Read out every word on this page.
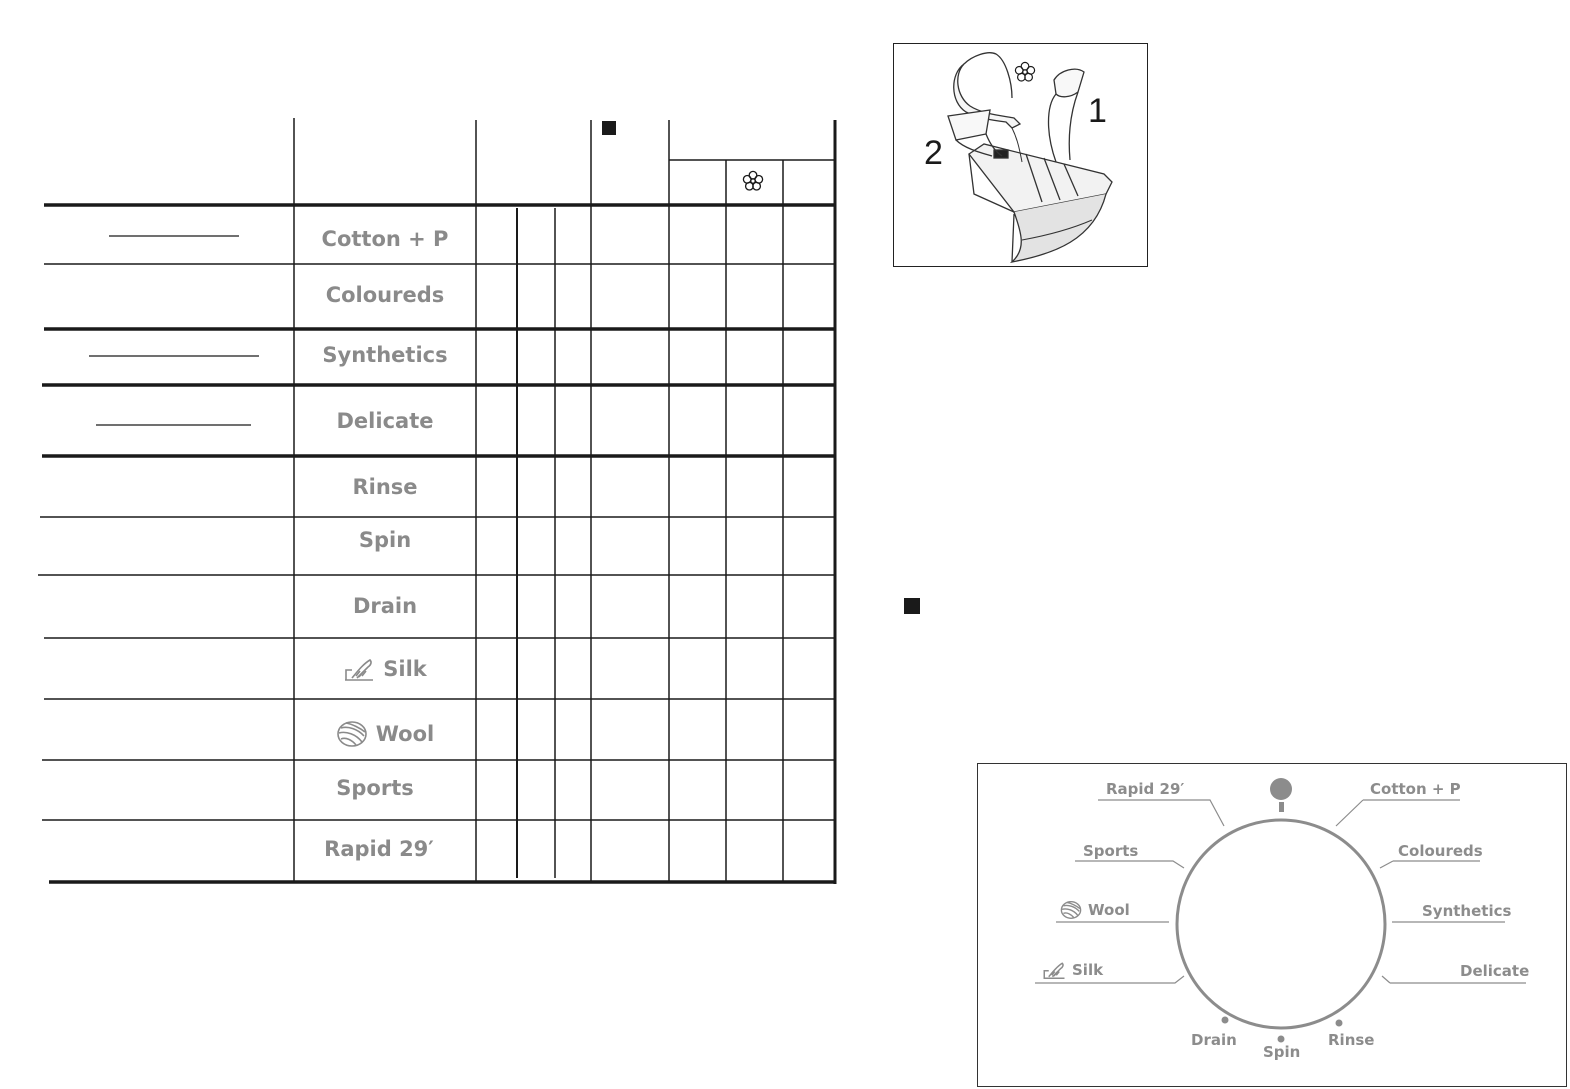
Cotton + P
Coloureds
Synthetics
Delicate
Rinse
Spin
Drain
Silk
Wool
Sports
Rapid 29′
1
2
Rapid 29′	Cotton + P
Sports	Coloureds
Wool	Synthetics
Silk	Delicate
Drain
Spin
Rinse
